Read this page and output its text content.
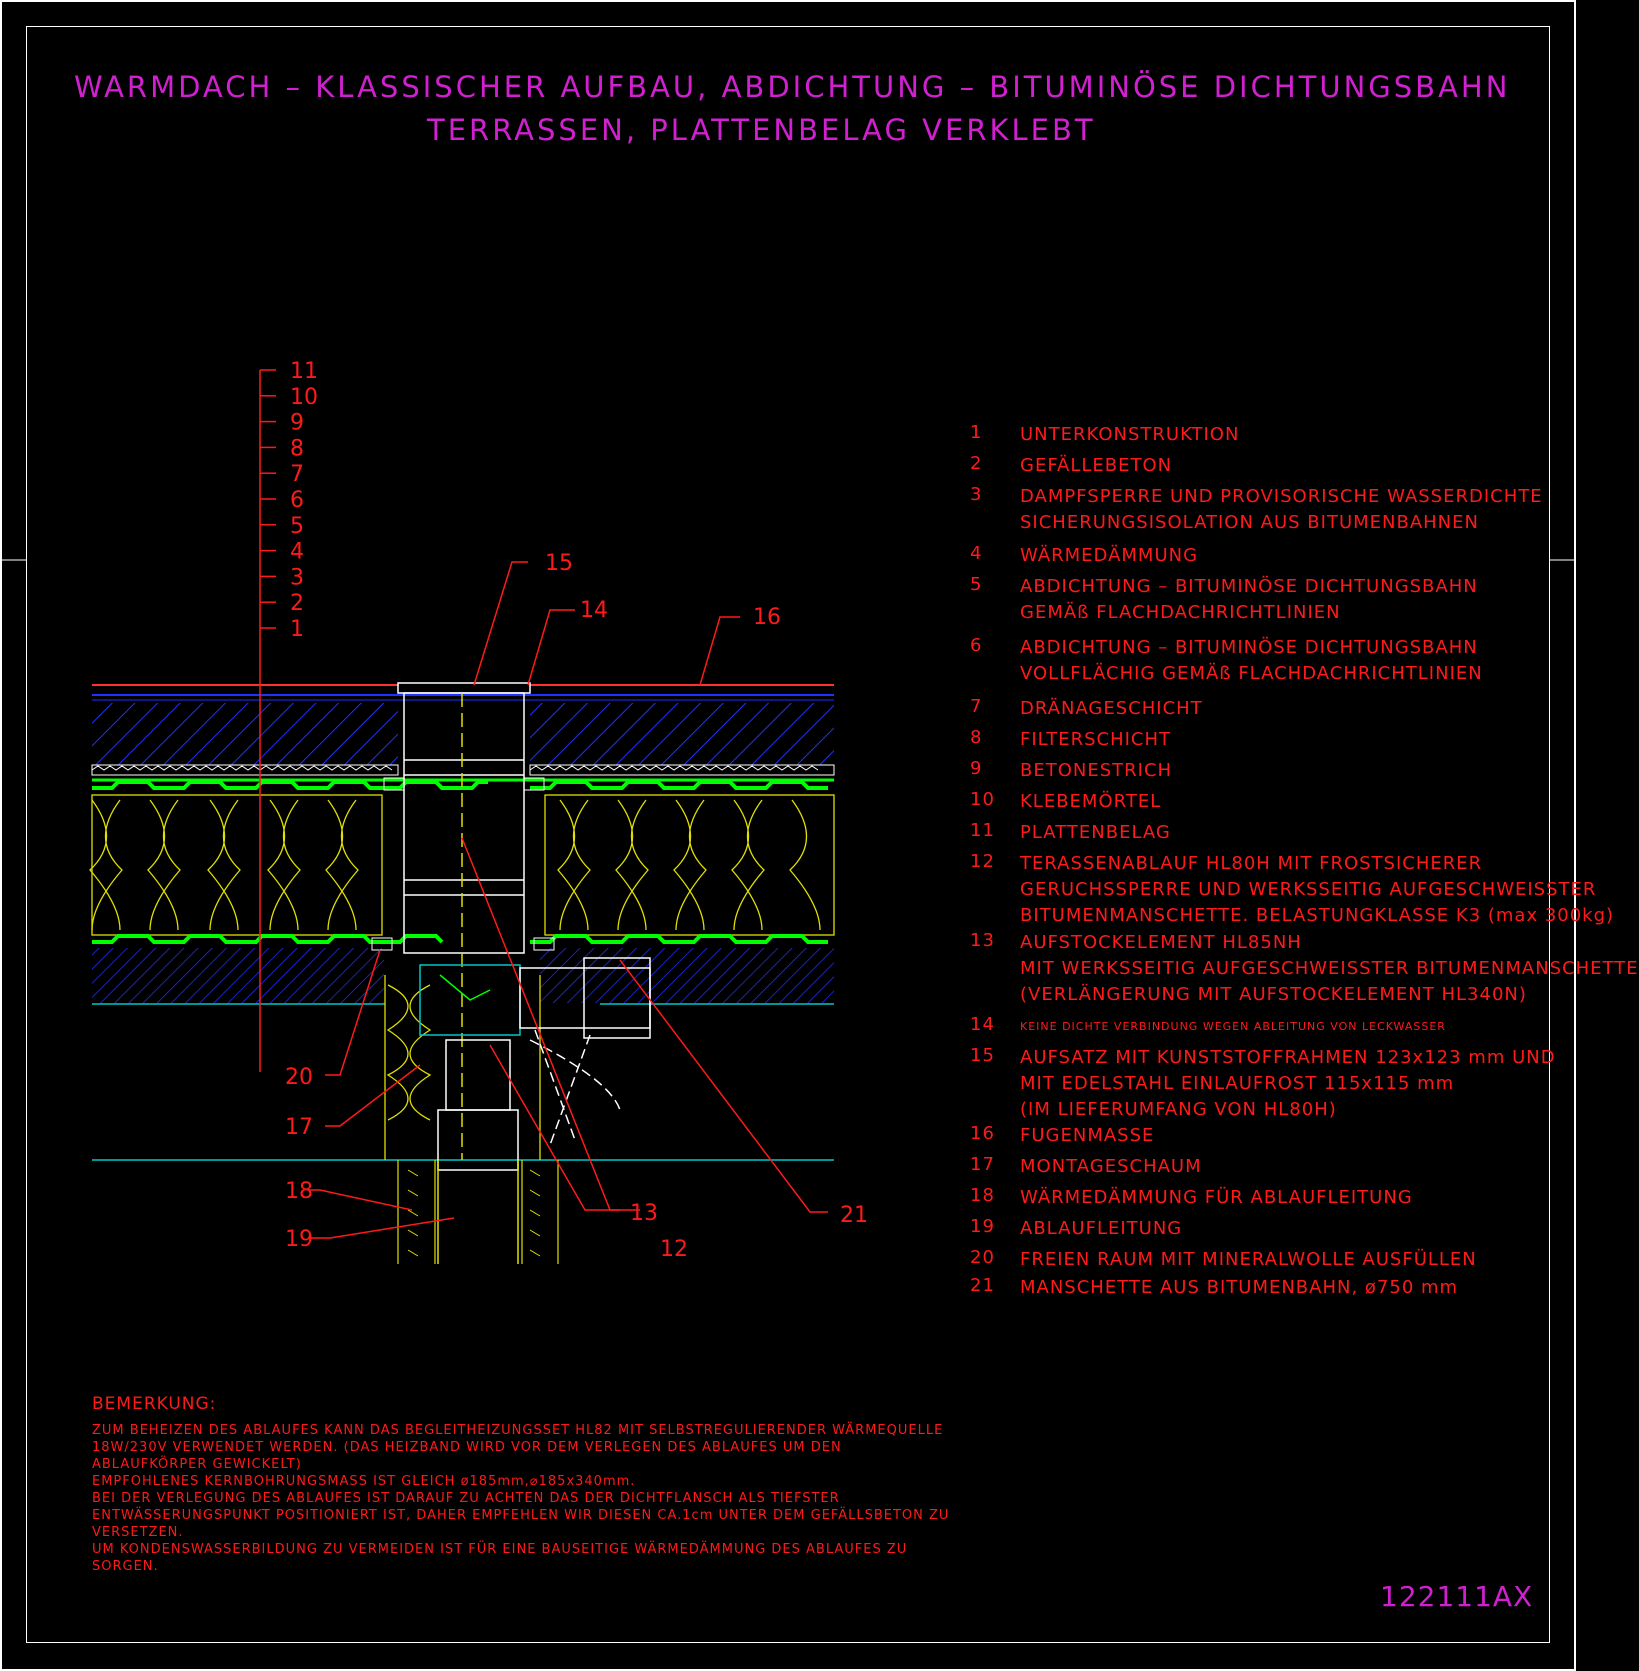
WARMDACH – KLASSISCHER AUFBAU, ABDICHTUNG – BITUMINÖSE DICHTUNGSBAHN
TERRASSEN, PLATTENBELAG VERKLEBT
11
10
9
8
7
6
5
4
3
2
1
15
14	16
20
17
18
19
13
12
21
1	UNTERKONSTRUKTION
2	GEFÄLLEBETON
3	DAMPFSPERRE UND PROVISORISCHE WASSERDICHTE
SICHERUNGSISOLATION AUS BITUMENBAHNEN
4	WÄRMEDÄMMUNG
5	ABDICHTUNG – BITUMINÖSE DICHTUNGSBAHN
GEMÄß FLACHDACHRICHTLINIEN
6	ABDICHTUNG – BITUMINÖSE DICHTUNGSBAHN
VOLLFLÄCHIG GEMÄß FLACHDACHRICHTLINIEN
7	DRÄNAGESCHICHT
8	FILTERSCHICHT
9	BETONESTRICH
10	KLEBEMÖRTEL
11	PLATTENBELAG
12	TERASSENABLAUF HL80H MIT FROSTSICHERER
GERUCHSSPERRE UND WERKSSEITIG AUFGESCHWEISSTER
BITUMENMANSCHETTE. BELASTUNGKLASSE K3 (max 300kg)
13	AUFSTOCKELEMENT HL85NH
MIT WERKSSEITIG AUFGESCHWEISSTER BITUMENMANSCHETTE
(VERLÄNGERUNG MIT AUFSTOCKELEMENT HL340N)
14	KEINE DICHTE VERBINDUNG WEGEN ABLEITUNG VON LECKWASSER
15	AUFSATZ MIT KUNSTSTOFFRAHMEN 123x123 mm UND
MIT EDELSTAHL EINLAUFROST 115x115 mm
(IM LIEFERUMFANG VON HL80H)
16	FUGENMASSE
17	MONTAGESCHAUM
18	WÄRMEDÄMMUNG FÜR ABLAUFLEITUNG
19	ABLAUFLEITUNG
20	FREIEN RAUM MIT MINERALWOLLE AUSFÜLLEN
21	MANSCHETTE AUS BITUMENBAHN, ø750 mm
BEMERKUNG:
ZUM BEHEIZEN DES ABLAUFES KANN DAS BEGLEITHEIZUNGSSET HL82 MIT SELBSTREGULIERENDER WÄRMEQUELLE
18W/230V VERWENDET WERDEN. (DAS HEIZBAND WIRD VOR DEM VERLEGEN DES ABLAUFES UM DEN
ABLAUFKÖRPER GEWICKELT)
EMPFOHLENES KERNBOHRUNGSMASS IST GLEICH ø185mm,⌀185x340mm.
BEI DER VERLEGUNG DES ABLAUFES IST DARAUF ZU ACHTEN DAS DER DICHTFLANSCH ALS TIEFSTER
ENTWÄSSERUNGSPUNKT POSITIONIERT IST, DAHER EMPFEHLEN WIR DIESEN CA.1cm UNTER DEM GEFÄLLSBETON ZU
VERSETZEN.
UM KONDENSWASSERBILDUNG ZU VERMEIDEN IST FÜR EINE BAUSEITIGE WÄRMEDÄMMUNG DES ABLAUFES ZU
SORGEN.
122111AX
